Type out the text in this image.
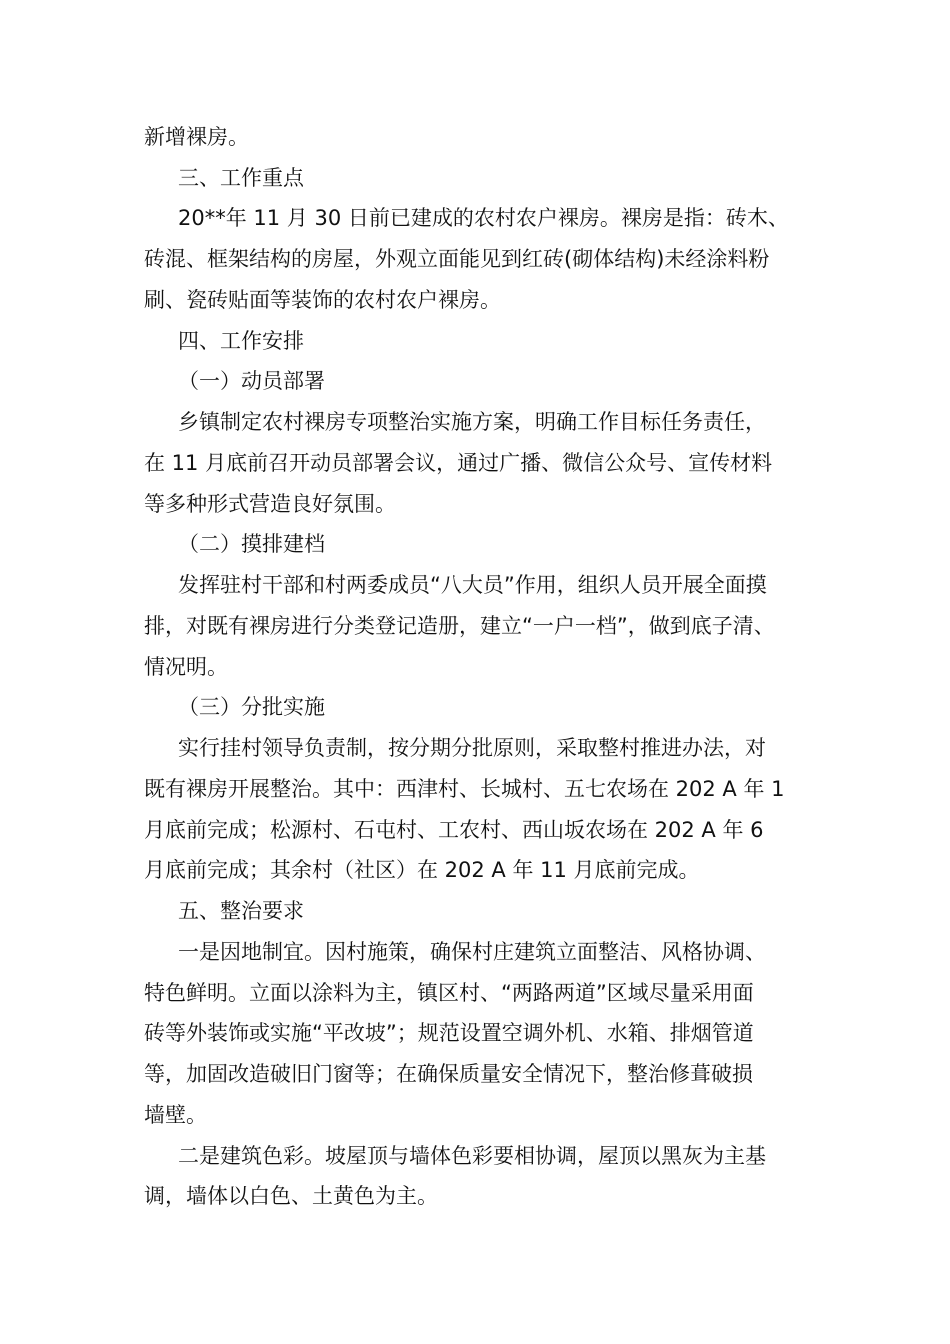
新增裸房。

三、工作重点

20**年 11 月 30 日前已建成的农村农户裸房。裸房是指：砖木、

砖混、框架结构的房屋，外观立面能见到红砖(砌体结构)未经涂料粉

刷、瓷砖贴面等装饰的农村农户裸房。

四、工作安排

（一）动员部署

乡镇制定农村裸房专项整治实施方案，明确工作目标任务责任，

在 11 月底前召开动员部署会议，通过广播、微信公众号、宣传材料

等多种形式营造良好氛围。

（二）摸排建档

发挥驻村干部和村两委成员“八大员”作用，组织人员开展全面摸

排，对既有裸房进行分类登记造册，建立“一户一档”，做到底子清、

情况明。

（三）分批实施

实行挂村领导负责制，按分期分批原则，采取整村推进办法，对

既有裸房开展整治。其中：西津村、长城村、五七农场在 202 A 年 1

月底前完成；松源村、石屯村、工农村、西山坂农场在 202 A 年 6

月底前完成；其余村（社区）在 202 A 年 11 月底前完成。

五、整治要求

一是因地制宜。因村施策，确保村庄建筑立面整洁、风格协调、

特色鲜明。立面以涂料为主，镇区村、“两路两道”区域尽量采用面

砖等外装饰或实施“平改坡”；规范设置空调外机、水箱、排烟管道

等，加固改造破旧门窗等；在确保质量安全情况下，整治修葺破损

墙壁。

二是建筑色彩。坡屋顶与墙体色彩要相协调，屋顶以黑灰为主基

调，墙体以白色、土黄色为主。
